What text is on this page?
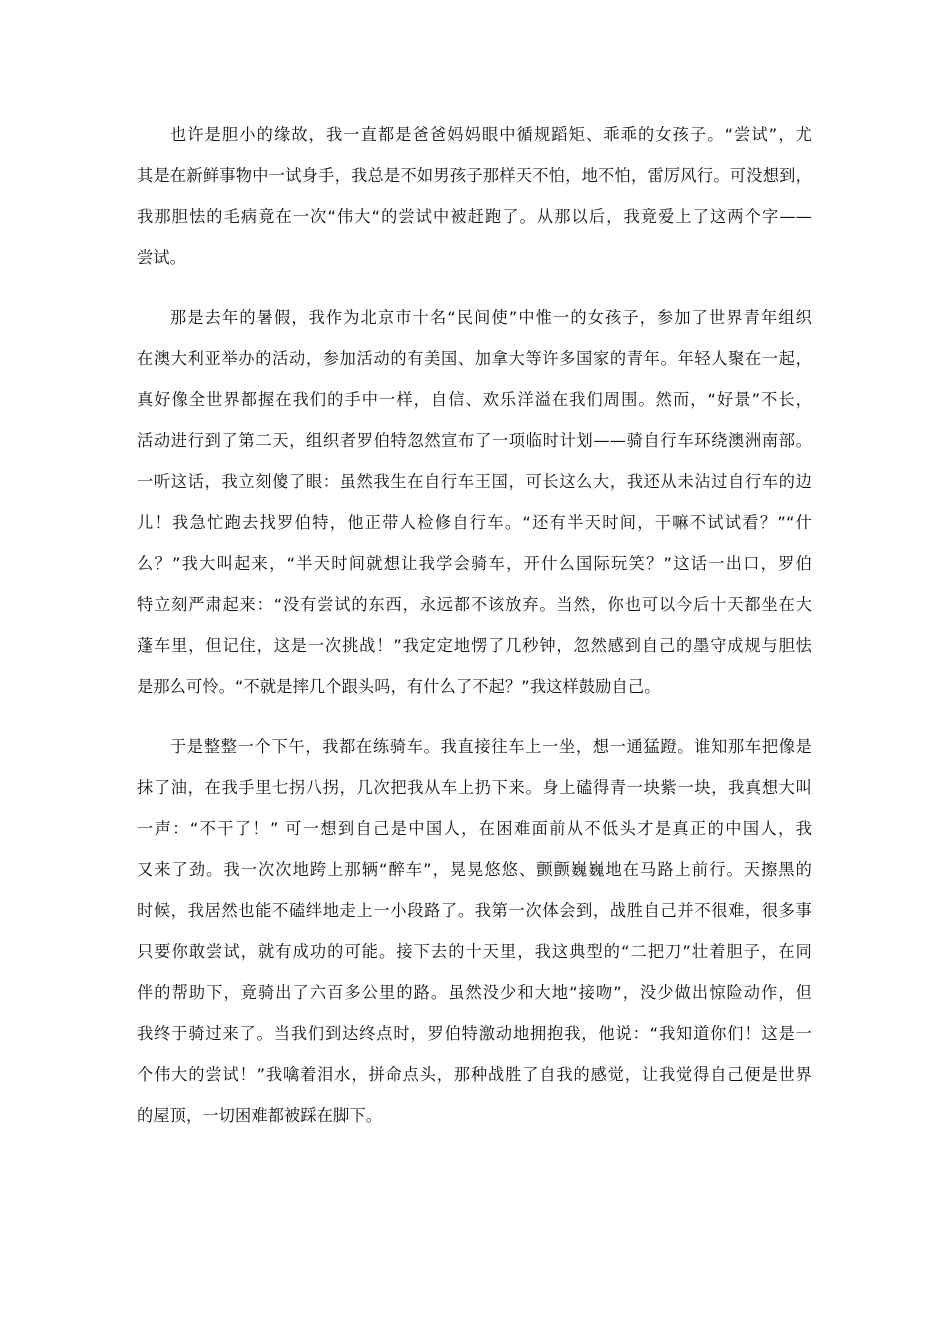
也许是胆小的缘故，我一直都是爸爸妈妈眼中循规蹈矩、乖乖的女孩子。“尝试”，尤
其是在新鲜事物中一试身手，我总是不如男孩子那样天不怕，地不怕，雷厉风行。可没想到，
我那胆怯的毛病竟在一次“伟大“的尝试中被赶跑了。从那以后，我竟爱上了这两个字——
尝试。
那是去年的暑假，我作为北京市十名“民间使”中惟一的女孩子，参加了世界青年组织
在澳大利亚举办的活动，参加活动的有美国、加拿大等许多国家的青年。年轻人聚在一起，
真好像全世界都握在我们的手中一样，自信、欢乐洋溢在我们周围。然而，“好景”不长，
活动进行到了第二天，组织者罗伯特忽然宣布了一项临时计划——骑自行车环绕澳洲南部。
一听这话，我立刻傻了眼：虽然我生在自行车王国，可长这么大，我还从未沾过自行车的边
儿！我急忙跑去找罗伯特，他正带人检修自行车。“还有半天时间，干嘛不试试看？”“什
么？”我大叫起来，“半天时间就想让我学会骑车，开什么国际玩笑？”这话一出口，罗伯
特立刻严肃起来：“没有尝试的东西，永远都不该放弃。当然，你也可以今后十天都坐在大
蓬车里，但记住，这是一次挑战！”我定定地愣了几秒钟，忽然感到自己的墨守成规与胆怯
是那么可怜。“不就是摔几个跟头吗，有什么了不起？”我这样鼓励自己。
于是整整一个下午，我都在练骑车。我直接往车上一坐，想一通猛蹬。谁知那车把像是
抹了油，在我手里七拐八拐，几次把我从车上扔下来。身上磕得青一块紫一块，我真想大叫
一声：“不干了！” 可一想到自己是中国人，在困难面前从不低头才是真正的中国人，我
又来了劲。我一次次地跨上那辆“醉车”，晃晃悠悠、颤颤巍巍地在马路上前行。天擦黑的
时候，我居然也能不磕绊地走上一小段路了。我第一次体会到，战胜自己并不很难，很多事
只要你敢尝试，就有成功的可能。接下去的十天里，我这典型的“二把刀”壮着胆子，在同
伴的帮助下，竟骑出了六百多公里的路。虽然没少和大地“接吻”，没少做出惊险动作，但
我终于骑过来了。当我们到达终点时，罗伯特激动地拥抱我，他说：“我知道你们！这是一
个伟大的尝试！”我噙着泪水，拼命点头，那种战胜了自我的感觉，让我觉得自己便是世界
的屋顶，一切困难都被踩在脚下。
